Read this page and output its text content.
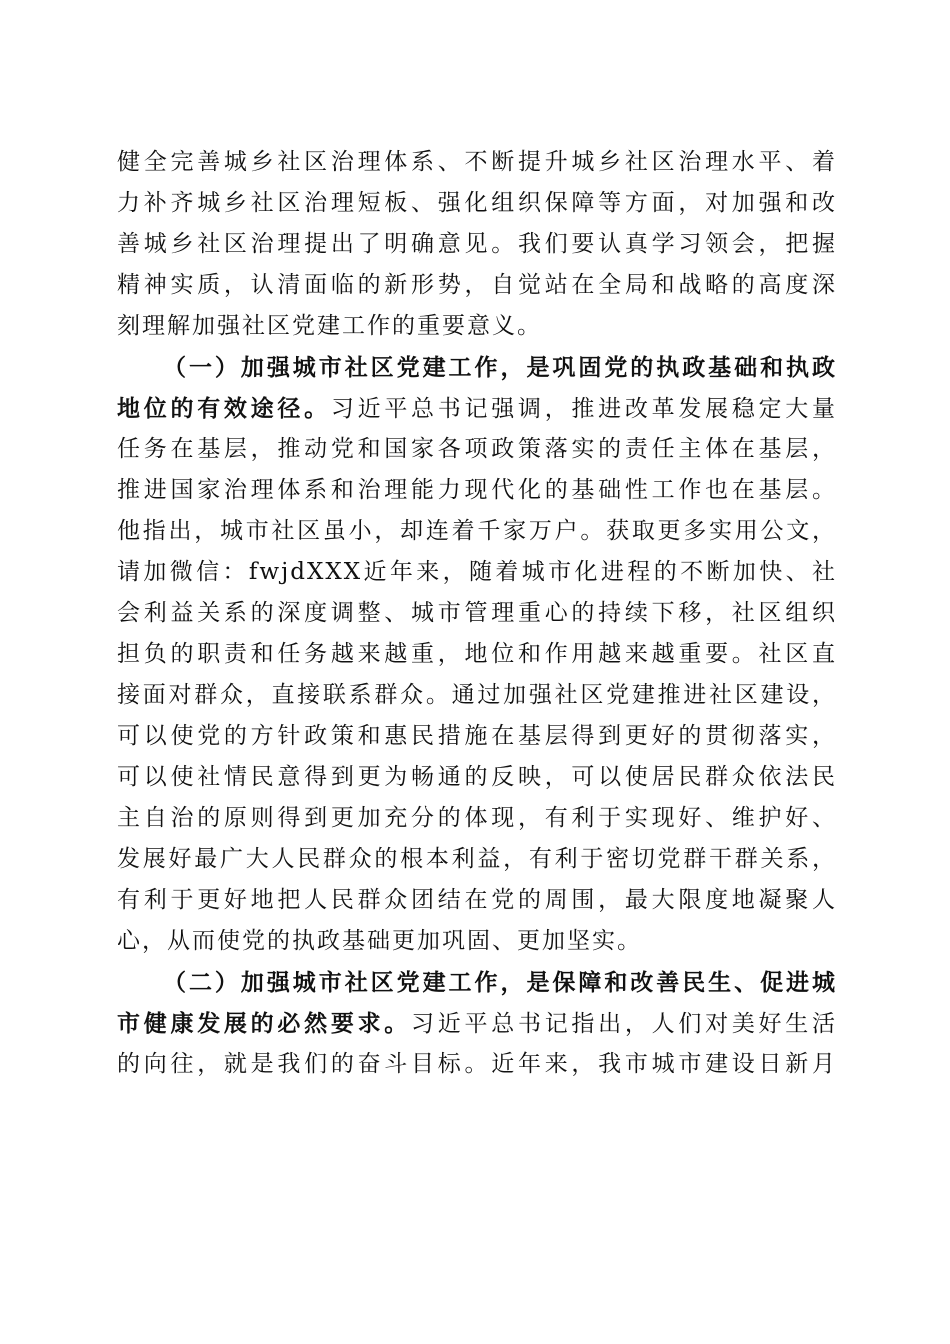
健全完善城乡社区治理体系、不断提升城乡社区治理水平、着
力补齐城乡社区治理短板、强化组织保障等方面，对加强和改
善城乡社区治理提出了明确意见。我们要认真学习领会，把握
精神实质，认清面临的新形势，自觉站在全局和战略的高度深
刻理解加强社区党建工作的重要意义。
（一）加强城市社区党建工作，是巩固党的执政基础和执政
地位的有效途径。习近平总书记强调，推进改革发展稳定大量
任务在基层，推动党和国家各项政策落实的责任主体在基层，
推进国家治理体系和治理能力现代化的基础性工作也在基层。
他指出，城市社区虽小，却连着千家万户。获取更多实用公文，
请加微信：fwjdXXX近年来，随着城市化进程的不断加快、社
会利益关系的深度调整、城市管理重心的持续下移，社区组织
担负的职责和任务越来越重，地位和作用越来越重要。社区直
接面对群众，直接联系群众。通过加强社区党建推进社区建设，
可以使党的方针政策和惠民措施在基层得到更好的贯彻落实，
可以使社情民意得到更为畅通的反映，可以使居民群众依法民
主自治的原则得到更加充分的体现，有利于实现好、维护好、
发展好最广大人民群众的根本利益，有利于密切党群干群关系，
有利于更好地把人民群众团结在党的周围，最大限度地凝聚人
心，从而使党的执政基础更加巩固、更加坚实。
（二）加强城市社区党建工作，是保障和改善民生、促进城
市健康发展的必然要求。习近平总书记指出，人们对美好生活
的向往，就是我们的奋斗目标。近年来，我市城市建设日新月
